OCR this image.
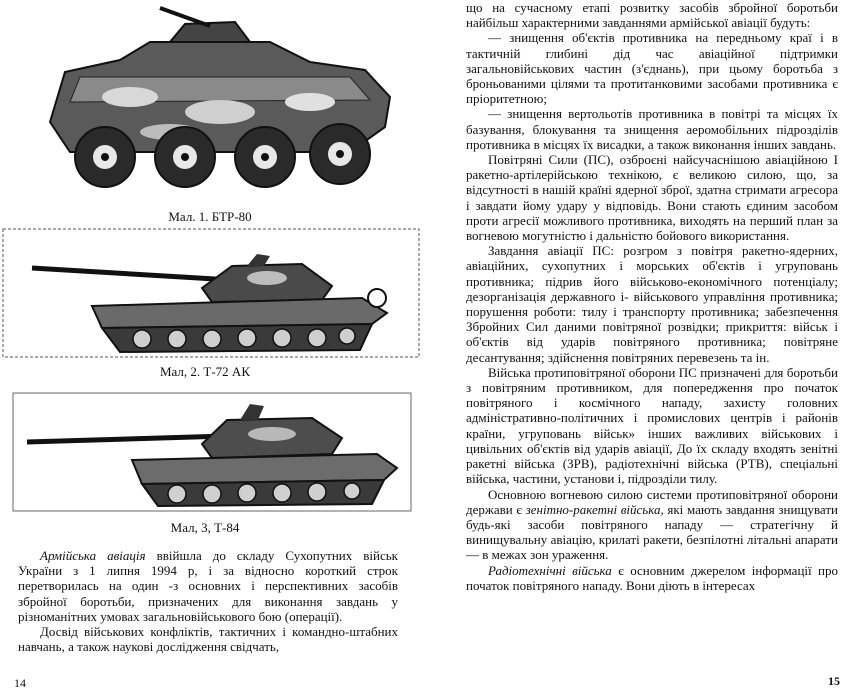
Мал. 1. БТР-80
Мал, 2. Т-72 АК
Мал, 3, Т-84

Армійська авіація ввійшла до складу Сухопутних військ України з 1 липня 1994 р, і за відносно короткий строк перетворилась на один -з основних і перспективних засобів збройної боротьби, призначених для виконання завдань у різноманітних умовах загальновійськового бою (операції).

Досвід військових конфліктів, тактичних і командно-штабних навчань, а також наукові дослідження свідчать,

14

що на сучасному етапі розвитку засобів збройної боротьби найбільш характерними завданнями армійської авіації будуть:

— знищення об'єктів противника на передньому краї і в тактичній глибині дід час авіаційної підтримки загальновійськових частин (з'єднань), при цьому боротьба з броньованими цілями та протитанковими засобами противника є пріоритетною;

— знищення вертольотів противника в повітрі та місцях їх базування, блокування та знищення аеромобільних підрозділів противника в місцях їх висадки, а також виконання інших завдань.

Повітряні Сили (ПС), озброєні найсучаснішою авіаційною І ракетно-артілерійською технікою, є великою силою, що, за відсутності в нашій країні ядерної зброї, здатна стримати агресора і завдати йому удару у відповідь. Вони стають єдиним засобом проти агресії можливого противника, виходять на перший план за вогневою могутністю і дальністю бойового використання.

Завдання авіації ПС: розгром з повітря ракетно-ядерних, авіаційних, сухопутних і морських об'єктів і угруповань противника; підрив його військово-економічного потенціалу; дезорганізація державного і- військового управління противника; порушення роботи: тилу і транспорту противника; забезпечення Збройних Сил даними повітряної розвідки; прикриття: військ і об'єктів від ударів повітряного противника; повітряне десантування; здійснення повітряних перевезень та ін.

Війська протиповітряної оборони ПС призначені для боротьби з повітряним противником, для попередження про початок повітряного і космічного нападу, захисту головних адміністративно-політичних і промислових центрів і районів країни, угруповань військ» інших важливих військових і цивільних об'єктів від ударів авіації, До їх складу входять зенітні ракетні війська (ЗРВ), радіотехнічні війська (РТВ), спеціальні війська, частини, установи і, підрозділи тилу.

Основною вогневою силою системи протиповітряної оборони держави є зенітно-ракетні війська, які мають завдання знищувати будь-які засоби повітряного нападу — стратегічну й винищувальну авіацію, крилаті ракети, безпілотні літальні апарати — в межах зон ураження.

Радіотехнічні війська є основним джерелом інформації про початок повітряного нападу. Вони діють в інтересах

15
